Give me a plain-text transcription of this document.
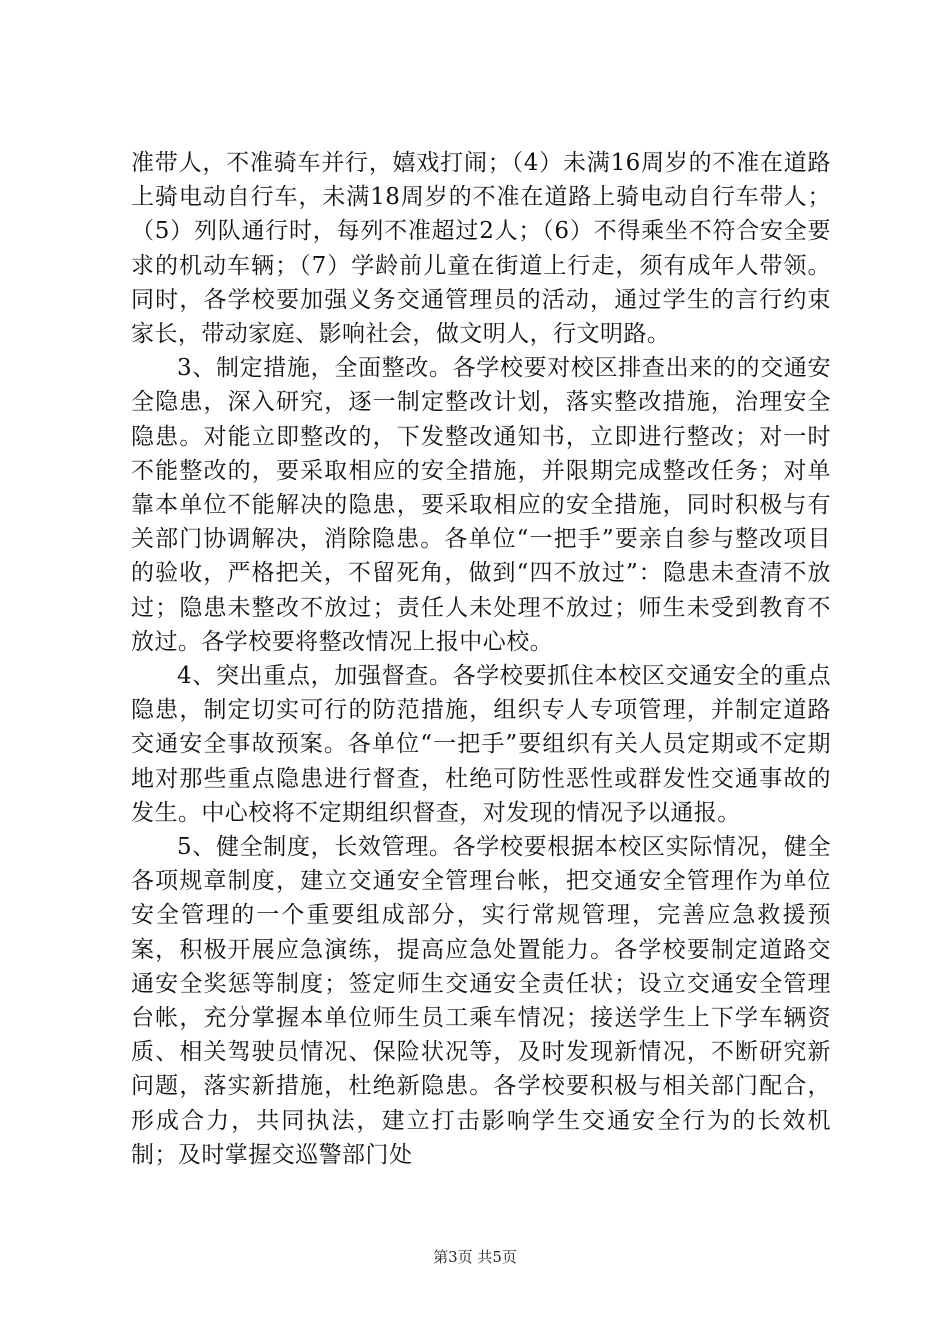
准带人，不准骑车并行，嬉戏打闹；（4）未满16周岁的不准在道路上骑电动自行车，未满18周岁的不准在道路上骑电动自行车带人；（5）列队通行时，每列不准超过2人；（6）不得乘坐不符合安全要求的机动车辆；（7）学龄前儿童在街道上行走，须有成年人带领。同时，各学校要加强义务交通管理员的活动，通过学生的言行约束家长，带动家庭、影响社会，做文明人，行文明路。

3、制定措施，全面整改。各学校要对校区排查出来的的交通安全隐患，深入研究，逐一制定整改计划，落实整改措施，治理安全隐患。对能立即整改的，下发整改通知书，立即进行整改；对一时不能整改的，要采取相应的安全措施，并限期完成整改任务；对单靠本单位不能解决的隐患，要采取相应的安全措施，同时积极与有关部门协调解决，消除隐患。各单位“一把手”要亲自参与整改项目的验收，严格把关，不留死角，做到“四不放过”：隐患未查清不放过；隐患未整改不放过；责任人未处理不放过；师生未受到教育不放过。各学校要将整改情况上报中心校。

4、突出重点，加强督查。各学校要抓住本校区交通安全的重点隐患，制定切实可行的防范措施，组织专人专项管理，并制定道路交通安全事故预案。各单位“一把手”要组织有关人员定期或不定期地对那些重点隐患进行督查，杜绝可防性恶性或群发性交通事故的发生。中心校将不定期组织督查，对发现的情况予以通报。

5、健全制度，长效管理。各学校要根据本校区实际情况，健全各项规章制度，建立交通安全管理台帐，把交通安全管理作为单位安全管理的一个重要组成部分，实行常规管理，完善应急救援预案，积极开展应急演练，提高应急处置能力。各学校要制定道路交通安全奖惩等制度；签定师生交通安全责任状；设立交通安全管理台帐，充分掌握本单位师生员工乘车情况；接送学生上下学车辆资质、相关驾驶员情况、保险状况等，及时发现新情况，不断研究新问题，落实新措施，杜绝新隐患。各学校要积极与相关部门配合，形成合力，共同执法，建立打击影响学生交通安全行为的长效机制；及时掌握交巡警部门处

第3页 共5页
